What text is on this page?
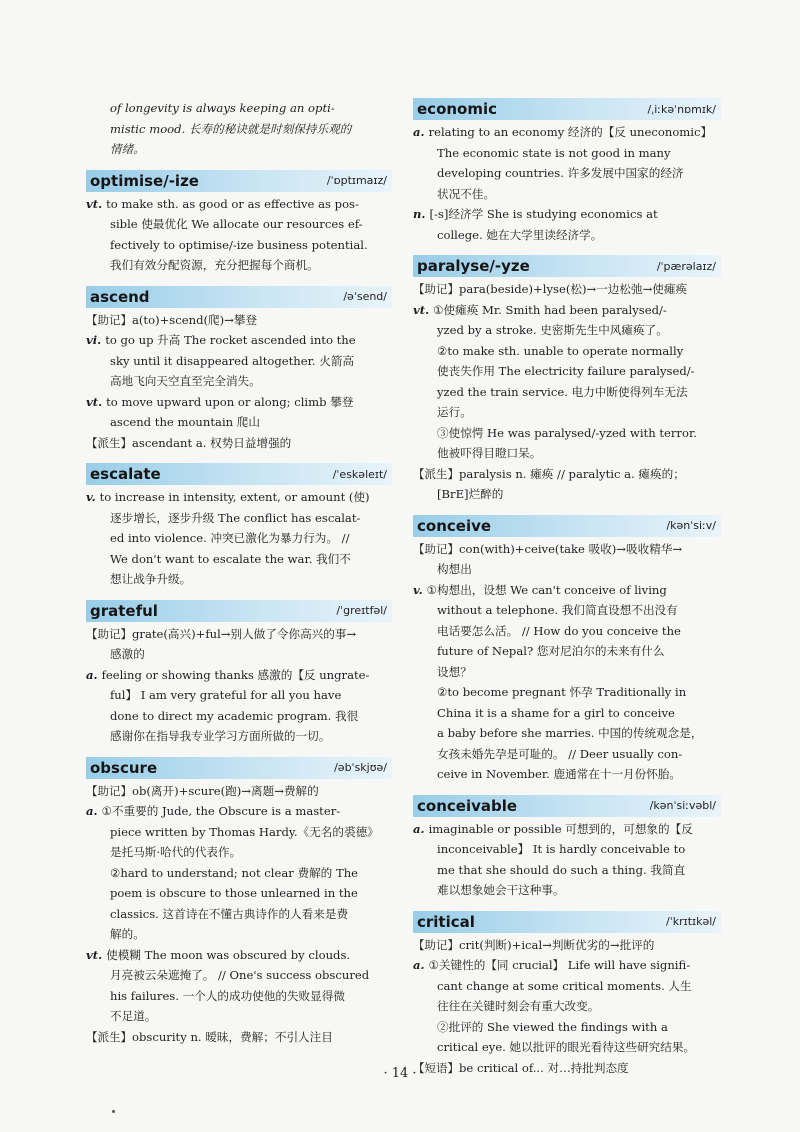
of longevity is always keeping an opti-
mistic mood. 长寿的秘诀就是时刻保持乐观的
情绪。
optimise/-ize	/ˈɒptɪmaɪz/
vt. to make sth. as good or as effective as pos-
sible 使最优化 We allocate our resources ef-
fectively to optimise/-ize business potential.
我们有效分配资源，充分把握每个商机。
ascend	/əˈsend/
【助记】a(to)+scend(爬)→攀登
vi. to go up 升高 The rocket ascended into the
sky until it disappeared altogether. 火箭高
高地飞向天空直至完全消失。
vt. to move upward upon or along; climb 攀登
ascend the mountain 爬山
【派生】ascendant a. 权势日益增强的
escalate	/ˈeskəleɪt/
v. to increase in intensity, extent, or amount (使)
逐步增长，逐步升级 The conflict has escalat-
ed into violence. 冲突已激化为暴力行为。 //
We don't want to escalate the war. 我们不
想让战争升级。
grateful	/ˈgreɪtfəl/
【助记】grate(高兴)+ful→别人做了令你高兴的事→
感激的
a. feeling or showing thanks 感激的【反 ungrate-
ful】 I am very grateful for all you have
done to direct my academic program. 我很
感谢你在指导我专业学习方面所做的一切。
obscure	/əbˈskjʊə/
【助记】ob(离开)+scure(跑)→离题→费解的
a. ①不重要的 Jude, the Obscure is a master-
piece written by Thomas Hardy.《无名的裘德》
是托马斯·哈代的代表作。
②hard to understand; not clear 费解的 The
poem is obscure to those unlearned in the
classics. 这首诗在不懂古典诗作的人看来是费
解的。
vt. 使模糊 The moon was obscured by clouds.
月亮被云朵遮掩了。 // One's success obscured
his failures. 一个人的成功使他的失败显得微
不足道。
【派生】obscurity n. 暧昧，费解；不引人注目
economic	/ˌiːkəˈnɒmɪk/
a. relating to an economy 经济的【反 uneconomic】
The economic state is not good in many
developing countries. 许多发展中国家的经济
状况不佳。
n. [-s]经济学 She is studying economics at
college. 她在大学里读经济学。
paralyse/-yze	/ˈpærəlaɪz/
【助记】para(beside)+lyse(松)→一边松弛→使瘫痪
vt. ①使瘫痪 Mr. Smith had been paralysed/-
yzed by a stroke. 史密斯先生中风瘫痪了。
②to make sth. unable to operate normally
使丧失作用 The electricity failure paralysed/-
yzed the train service. 电力中断使得列车无法
运行。
③使惊愕 He was paralysed/-yzed with terror.
他被吓得目瞪口呆。
【派生】paralysis n. 瘫痪 // paralytic a. 瘫痪的；
[BrE]烂醉的
conceive	/kənˈsiːv/
【助记】con(with)+ceive(take 吸收)→吸收精华→
构想出
v. ①构想出，设想 We can't conceive of living
without a telephone. 我们简直设想不出没有
电话要怎么活。 // How do you conceive the
future of Nepal? 您对尼泊尔的未来有什么
设想？
②to become pregnant 怀孕 Traditionally in
China it is a shame for a girl to conceive
a baby before she marries. 中国的传统观念是，
女孩未婚先孕是可耻的。 // Deer usually con-
ceive in November. 鹿通常在十一月份怀胎。
conceivable	/kənˈsiːvəbl/
a. imaginable or possible 可想到的，可想象的【反
inconceivable】 It is hardly conceivable to
me that she should do such a thing. 我简直
难以想象她会干这种事。
critical	/ˈkrɪtɪkəl/
【助记】crit(判断)+ical→判断优劣的→批评的
a. ①关键性的【同 crucial】 Life will have signifi-
cant change at some critical moments. 人生
往往在关键时刻会有重大改变。
②批评的 She viewed the findings with a
critical eye. 她以批评的眼光看待这些研究结果。
【短语】be critical of... 对…持批判态度
· 14 ·
